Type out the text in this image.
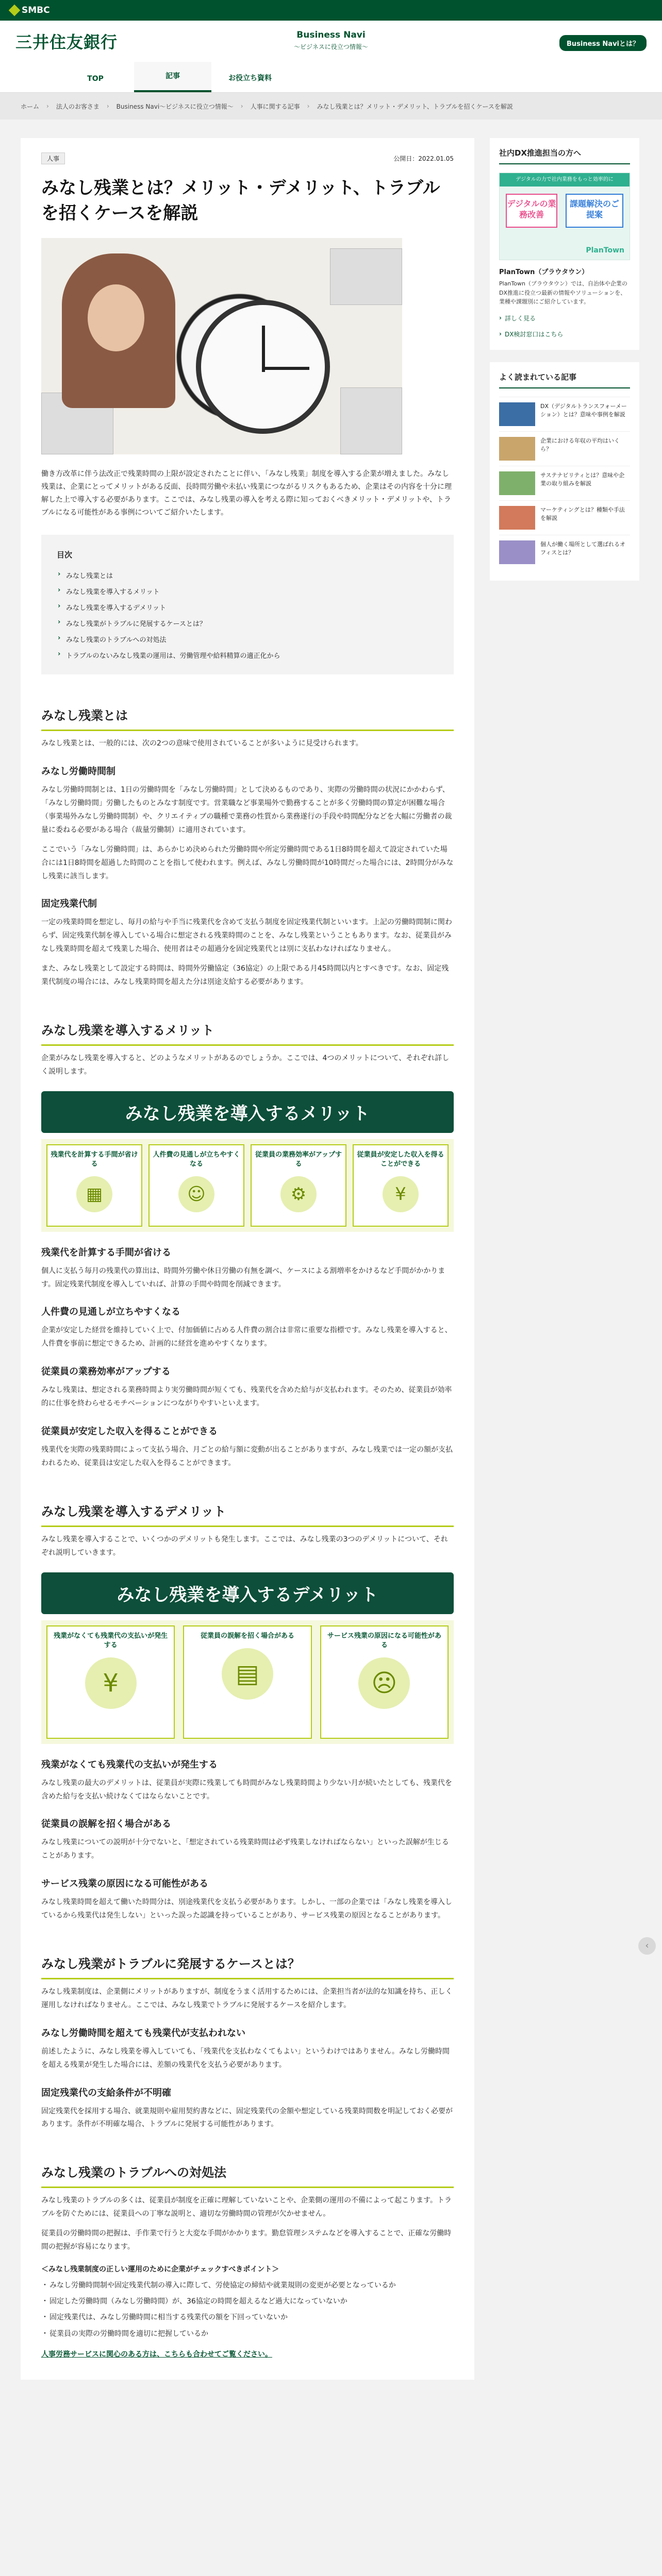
SMBC
三井住友銀行	Business Navi
〜ビジネスに役立つ情報〜	Business Naviとは？
TOP	記事	お役立ち資料
ホーム › 法人のお客さま › Business Navi〜ビジネスに役立つ情報〜 › 人事に関する記事 › みなし残業とは？メリット・デメリット、トラブルを招くケースを解説
人事	公開日：2022.01.05
みなし残業とは？メリット・デメリット、トラブルを招くケースを解説

働き方改革に伴う法改正で残業時間の上限が設定されたことに伴い、「みなし残業」制度を導入する企業が増えました。みなし残業は、企業にとってメリットがある反面、長時間労働や未払い残業につながるリスクもあるため、企業はその内容を十分に理解した上で導入する必要があります。ここでは、みなし残業の導入を考える際に知っておくべきメリット・デメリットや、トラブルになる可能性がある事例についてご紹介いたします。

目次
› みなし残業とは
› みなし残業を導入するメリット
› みなし残業を導入するデメリット
› みなし残業がトラブルに発展するケースとは？
› みなし残業のトラブルへの対処法
› トラブルのないみなし残業の運用は、労働管理や給料精算の適正化から
みなし残業とは

みなし残業とは、一般的には、次の2つの意味で使用されていることが多いように見受けられます。

みなし労働時間制

みなし労働時間制とは、1日の労働時間を「みなし労働時間」として決めるものであり、実際の労働時間の状況にかかわらず、「みなし労働時間」労働したものとみなす制度です。営業職など事業場外で勤務することが多く労働時間の算定が困難な場合（事業場外みなし労働時間制）や、クリエイティブの職種で業務の性質から業務遂行の手段や時間配分などを大幅に労働者の裁量に委ねる必要がある場合（裁量労働制）に適用されています。

ここでいう「みなし労働時間」は、あらかじめ決められた労働時間や所定労働時間である1日8時間を超えて設定されていた場合には1日8時間を超過した時間のことを指して使われます。例えば、みなし労働時間が10時間だった場合には、2時間分がみなし残業に該当します。

固定残業代制

一定の残業時間を想定し、毎月の給与や手当に残業代を含めて支払う制度を固定残業代制といいます。上記の労働時間制に関わらず、固定残業代制を導入している場合に想定される残業時間のことを、みなし残業ということもあります。なお、従業員がみなし残業時間を超えて残業した場合、使用者はその超過分を固定残業代とは別に支払わなければなりません。

また、みなし残業として設定する時間は、時間外労働協定（36協定）の上限である月45時間以内とすべきです。なお、固定残業代制度の場合には、みなし残業時間を超えた分は別途支給する必要があります。

みなし残業を導入するメリット

企業がみなし残業を導入すると、どのようなメリットがあるのでしょうか。ここでは、4つのメリットについて、それぞれ詳しく説明します。

みなし残業を導入するメリット
残業代を計算する手間が省ける
▦
人件費の見通しが立ちやすくなる
☺
従業員の業務効率がアップする
⚙
従業員が安定した収入を得ることができる
¥
残業代を計算する手間が省ける

個人に支払う毎月の残業代の算出は、時間外労働や休日労働の有無を調べ、ケースによる割増率をかけるなど手間がかかります。固定残業代制度を導入していれば、計算の手間や時間を削減できます。

人件費の見通しが立ちやすくなる

企業が安定した経営を維持していく上で、付加価値に占める人件費の割合は非常に重要な指標です。みなし残業を導入すると、人件費を事前に想定できるため、計画的に経営を進めやすくなります。

従業員の業務効率がアップする

みなし残業は、想定される業務時間より実労働時間が短くても、残業代を含めた給与が支払われます。そのため、従業員が効率的に仕事を終わらせるモチベーションにつながりやすいといえます。

従業員が安定した収入を得ることができる

残業代を実際の残業時間によって支払う場合、月ごとの給与額に変動が出ることがありますが、みなし残業では一定の額が支払われるため、従業員は安定した収入を得ることができます。

みなし残業を導入するデメリット

みなし残業を導入することで、いくつかのデメリットも発生します。ここでは、みなし残業の3つのデメリットについて、それぞれ説明していきます。

みなし残業を導入するデメリット
残業がなくても残業代の支払いが発生する
¥
従業員の誤解を招く場合がある
▤
サービス残業の原因になる可能性がある
☹
残業がなくても残業代の支払いが発生する

みなし残業の最大のデメリットは、従業員が実際に残業しても時間がみなし残業時間より少ない月が続いたとしても、残業代を含めた給与を支払い続けなくてはならないことです。

従業員の誤解を招く場合がある

みなし残業についての説明が十分でないと、「想定されている残業時間は必ず残業しなければならない」といった誤解が生じることがあります。

サービス残業の原因になる可能性がある

みなし残業時間を超えて働いた時間分は、別途残業代を支払う必要があります。しかし、一部の企業では「みなし残業を導入しているから残業代は発生しない」といった誤った認識を持っていることがあり、サービス残業の原因となることがあります。

みなし残業がトラブルに発展するケースとは？

みなし残業制度は、企業側にメリットがありますが、制度をうまく活用するためには、企業担当者が法的な知識を持ち、正しく運用しなければなりません。ここでは、みなし残業でトラブルに発展するケースを紹介します。

みなし労働時間を超えても残業代が支払われない

前述したように、みなし残業を導入していても、「残業代を支払わなくてもよい」というわけではありません。みなし労働時間を超える残業が発生した場合には、差額の残業代を支払う必要があります。

固定残業代の支給条件が不明確

固定残業代を採用する場合、就業規則や雇用契約書などに、固定残業代の金額や想定している残業時間数を明記しておく必要があります。条件が不明確な場合、トラブルに発展する可能性があります。

みなし残業のトラブルへの対処法

みなし残業のトラブルの多くは、従業員が制度を正確に理解していないことや、企業側の運用の不備によって起こります。トラブルを防ぐためには、従業員への丁寧な説明と、適切な労働時間の管理が欠かせません。

従業員の労働時間の把握は、手作業で行うと大変な手間がかかります。勤怠管理システムなどを導入することで、正確な労働時間の把握が容易になります。

＜みなし残業制度の正しい運用のために企業がチェックすべきポイント＞
・ みなし労働時間制や固定残業代制の導入に際して、労使協定の締結や就業規則の変更が必要となっているか
・ 固定した労働時間（みなし労働時間）が、36協定の時間を超えるなど過大になっていないか
・ 固定残業代は、みなし労働時間に相当する残業代の額を下回っていないか
・ 従業員の実際の労働時間を適切に把握しているか
人事労務サービスに関心のある方は、こちらも合わせてご覧ください。
社内DX推進担当の方へ
デジタルの力で社内業務をもっと効率的に
デジタルの業務改善
課題解決のご提案
PlanTown
PlanTown（プラウタウン）
PlanTown（プラウタウン）では、自治体や企業のDX推進に役立つ最新の情報やソリューションを、業種や課題別にご紹介しています。
› 詳しく見る
› DX検討窓口はこちら
よく読まれている記事
DX（デジタルトランスフォーメーション）とは？意味や事例を解説
企業における年収の平均はいくら？
サステナビリティとは？意味や企業の取り組みを解説
マーケティングとは？種類や手法を解説
個人が働く場所として選ばれるオフィスとは？
‹
